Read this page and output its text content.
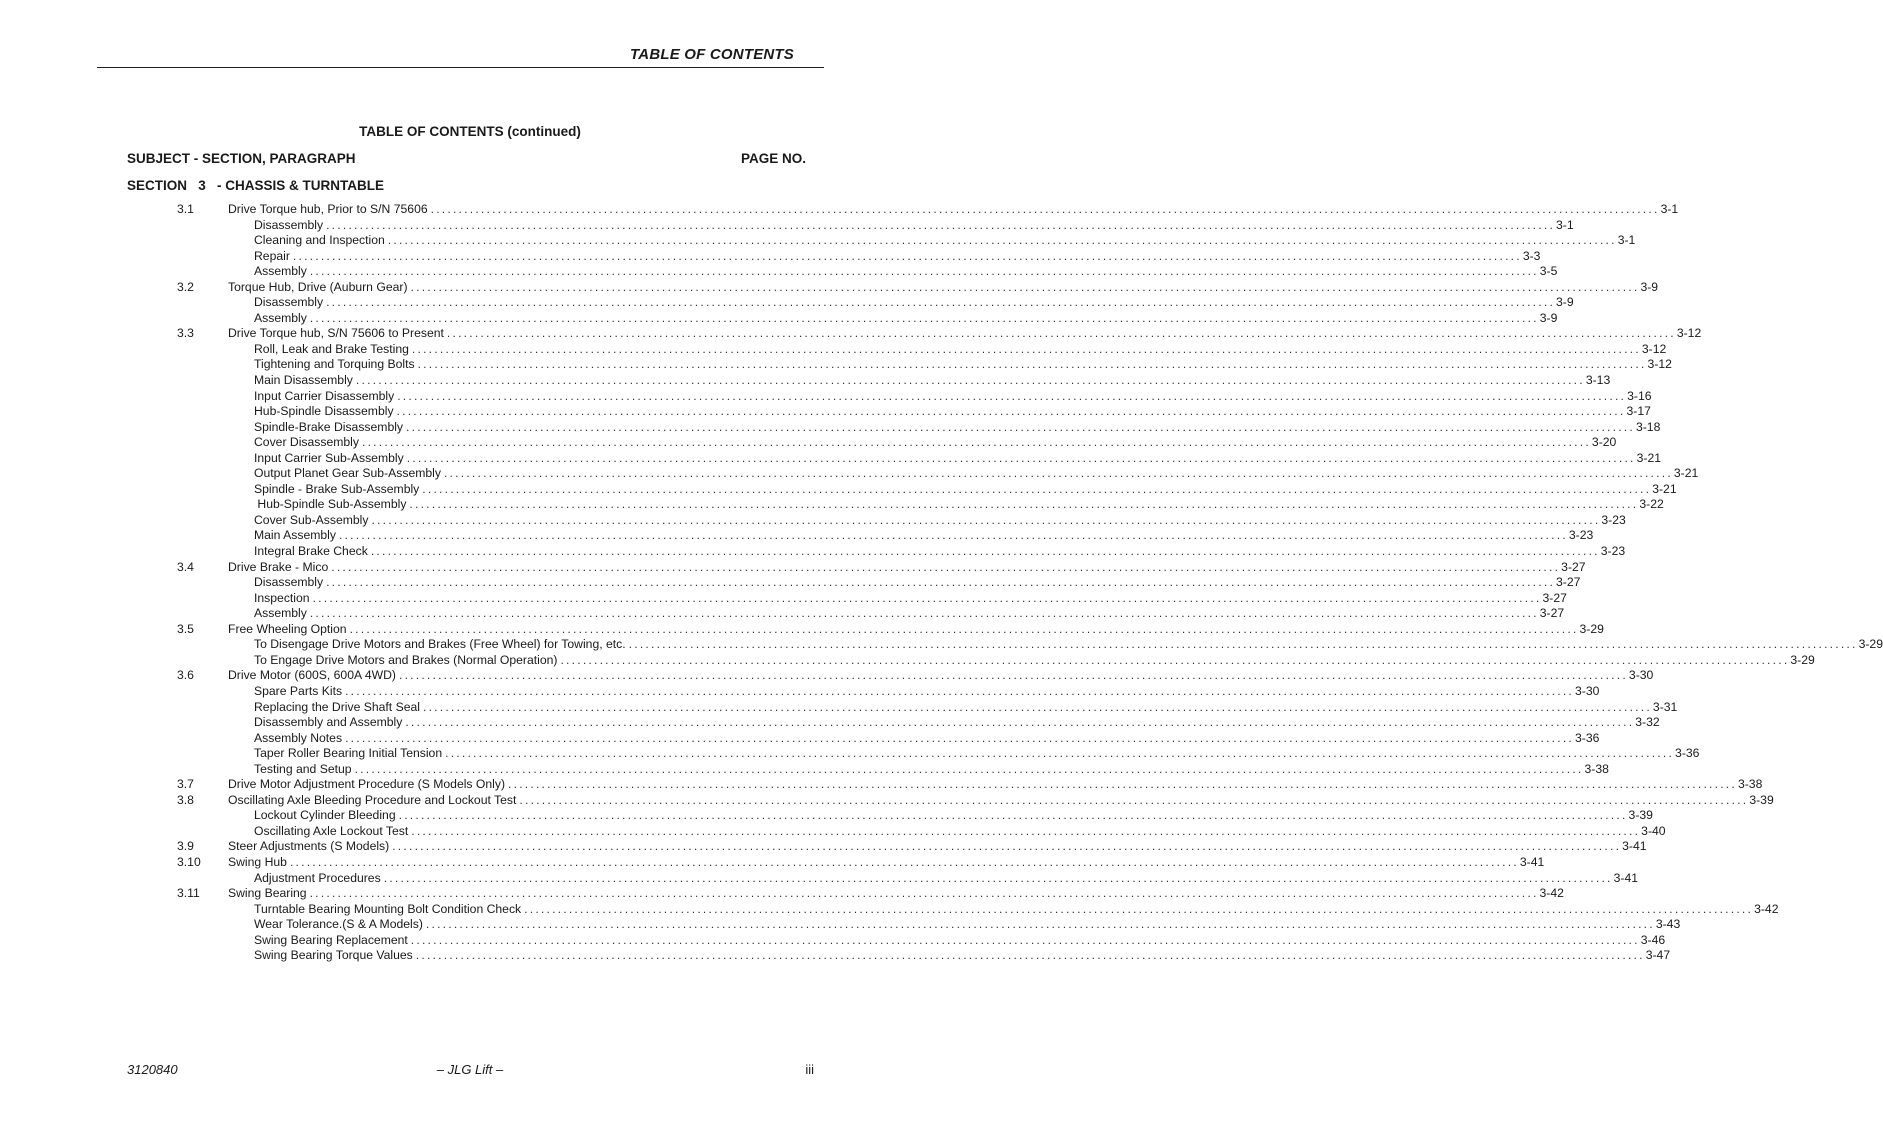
TABLE OF CONTENTS
TABLE OF CONTENTS (continued)
SUBJECT - SECTION, PARAGRAPH	PAGE NO.
SECTION   3   - CHASSIS & TURNTABLE
3.1	Drive Torque hub, Prior to S/N 75606 ............................................................................................................................................................................................................................ 3-1
Disassembly ............................................................................................................................................................................................................................ 3-1
Cleaning and Inspection ............................................................................................................................................................................................................................ 3-1
Repair ............................................................................................................................................................................................................................ 3-3
Assembly ............................................................................................................................................................................................................................ 3-5
3.2	Torque Hub, Drive (Auburn Gear) ............................................................................................................................................................................................................................ 3-9
Disassembly ............................................................................................................................................................................................................................ 3-9
Assembly ............................................................................................................................................................................................................................ 3-9
3.3	Drive Torque hub, S/N 75606 to Present ............................................................................................................................................................................................................................ 3-12
Roll, Leak and Brake Testing ............................................................................................................................................................................................................................ 3-12
Tightening and Torquing Bolts ............................................................................................................................................................................................................................ 3-12
Main Disassembly ............................................................................................................................................................................................................................ 3-13
Input Carrier Disassembly ............................................................................................................................................................................................................................ 3-16
Hub-Spindle Disassembly ............................................................................................................................................................................................................................ 3-17
Spindle-Brake Disassembly ............................................................................................................................................................................................................................ 3-18
Cover Disassembly ............................................................................................................................................................................................................................ 3-20
Input Carrier Sub-Assembly ............................................................................................................................................................................................................................ 3-21
Output Planet Gear Sub-Assembly ............................................................................................................................................................................................................................ 3-21
Spindle - Brake Sub-Assembly ............................................................................................................................................................................................................................ 3-21
Hub-Spindle Sub-Assembly ............................................................................................................................................................................................................................ 3-22
Cover Sub-Assembly ............................................................................................................................................................................................................................ 3-23
Main Assembly ............................................................................................................................................................................................................................ 3-23
Integral Brake Check ............................................................................................................................................................................................................................ 3-23
3.4	Drive Brake - Mico ............................................................................................................................................................................................................................ 3-27
Disassembly ............................................................................................................................................................................................................................ 3-27
Inspection ............................................................................................................................................................................................................................ 3-27
Assembly ............................................................................................................................................................................................................................ 3-27
3.5	Free Wheeling Option ............................................................................................................................................................................................................................ 3-29
To Disengage Drive Motors and Brakes (Free Wheel) for Towing, etc. ............................................................................................................................................................................................................................ 3-29
To Engage Drive Motors and Brakes (Normal Operation) ............................................................................................................................................................................................................................ 3-29
3.6	Drive Motor (600S, 600A 4WD) ............................................................................................................................................................................................................................ 3-30
Spare Parts Kits ............................................................................................................................................................................................................................ 3-30
Replacing the Drive Shaft Seal ............................................................................................................................................................................................................................ 3-31
Disassembly and Assembly ............................................................................................................................................................................................................................ 3-32
Assembly Notes ............................................................................................................................................................................................................................ 3-36
Taper Roller Bearing Initial Tension ............................................................................................................................................................................................................................ 3-36
Testing and Setup ............................................................................................................................................................................................................................ 3-38
3.7	Drive Motor Adjustment Procedure (S Models Only) ............................................................................................................................................................................................................................ 3-38
3.8	Oscillating Axle Bleeding Procedure and Lockout Test ............................................................................................................................................................................................................................ 3-39
Lockout Cylinder Bleeding ............................................................................................................................................................................................................................ 3-39
Oscillating Axle Lockout Test ............................................................................................................................................................................................................................ 3-40
3.9	Steer Adjustments (S Models) ............................................................................................................................................................................................................................ 3-41
3.10 Swing Hub ............................................................................................................................................................................................................................ 3-41
Adjustment Procedures ............................................................................................................................................................................................................................ 3-41
3.11 Swing Bearing ............................................................................................................................................................................................................................ 3-42
Turntable Bearing Mounting Bolt Condition Check ............................................................................................................................................................................................................................ 3-42
Wear Tolerance.(S & A Models) ............................................................................................................................................................................................................................ 3-43
Swing Bearing Replacement ............................................................................................................................................................................................................................ 3-46
Swing Bearing Torque Values ............................................................................................................................................................................................................................ 3-47
3120840	– JLG Lift –	iii
